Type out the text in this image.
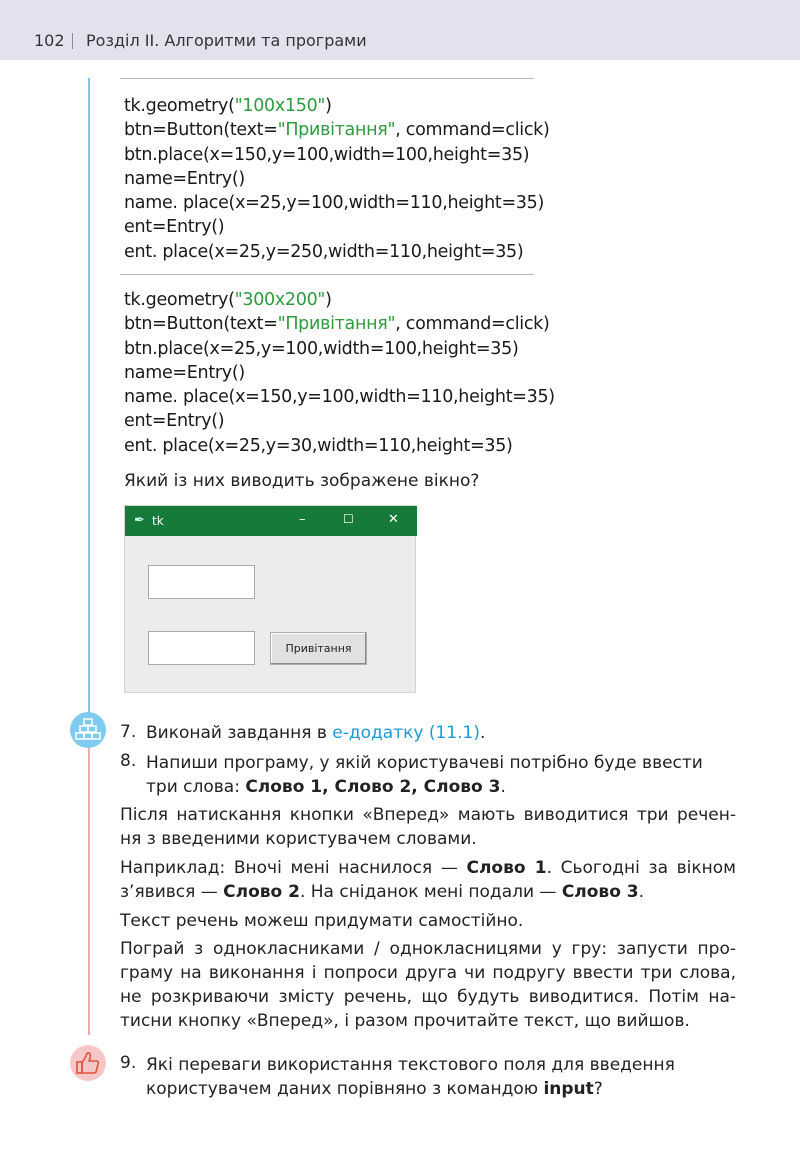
102 Розділ II. Алгоритми та програми
tk.geometry("100x150")
btn=Button(text="Привітання", command=click)
btn.place(x=150,y=100,width=100,height=35)
name=Entry()
name. place(x=25,y=100,width=110,height=35)
ent=Entry()
ent. place(x=25,y=250,width=110,height=35)
tk.geometry("300x200")
btn=Button(text="Привітання", command=click)
btn.place(x=25,y=100,width=100,height=35)
name=Entry()
name. place(x=150,y=100,width=110,height=35)
ent=Entry()
ent. place(x=25,y=30,width=110,height=35)
Який із них виводить зображене вікно?
✒ tk	–	☐	✕
Привітання
7. Виконай завдання в е-додатку (11.1).
8. Напиши програму, у якій користувачеві потрібно буде ввести
три слова: Слово 1, Слово 2, Слово 3.
Після натискання кнопки «Вперед» мають виводитися три речен-ня з введеними користувачем словами.
Наприклад: Вночі мені наснилося — Слово 1. Сьогодні за вікном з’явився — Слово 2. На сніданок мені подали — Слово 3.
Текст речень можеш придумати самостійно.
Пограй з однокласниками / однокласницями у гру: запусти про-граму на виконання і попроси друга чи подругу ввести три слова, не розкриваючи змісту речень, що будуть виводитися. Потім на-тисни кнопку «Вперед», і разом прочитайте текст, що вийшов.
9. Які переваги використання текстового поля для введення
користувачем даних порівняно з командою input?
